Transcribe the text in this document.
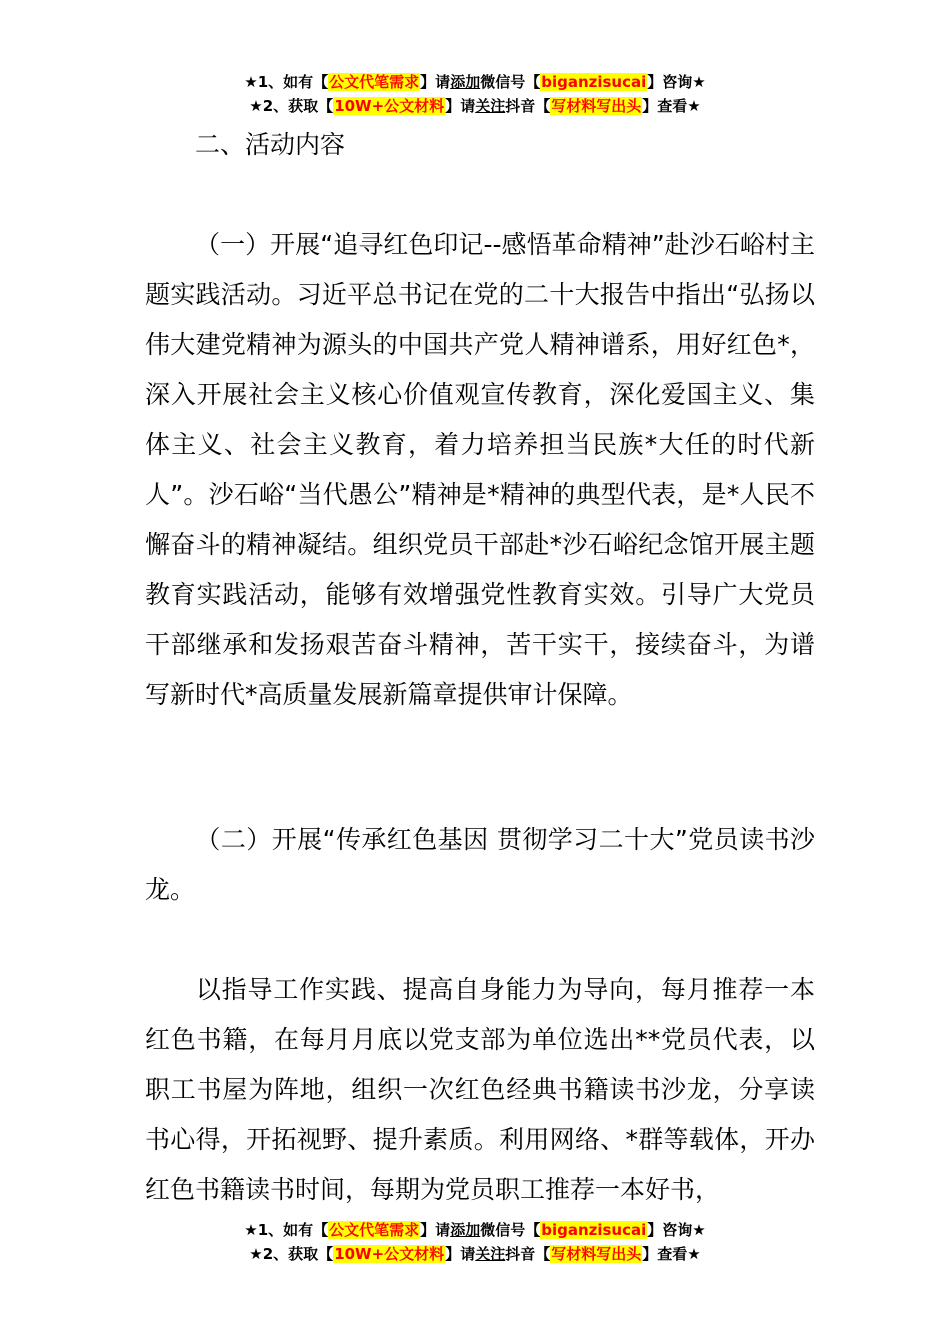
★1、如有【公文代笔需求】请添加微信号【biganzisucai】咨询★
★2、获取【10W+公文材料】请关注抖音【写材料写出头】查看★
二、活动内容
（一）开展“追寻红色印记--感悟革命精神”赴沙石峪村主题实践活动。习近平总书记在党的二十大报告中指出“弘扬以伟大建党精神为源头的中国共产党人精神谱系，用好红色*，深入开展社会主义核心价值观宣传教育，深化爱国主义、集体主义、社会主义教育，着力培养担当民族*大任的时代新人”。沙石峪“当代愚公”精神是*精神的典型代表，是*人民不懈奋斗的精神凝结。组织党员干部赴*沙石峪纪念馆开展主题教育实践活动，能够有效增强党性教育实效。引导广大党员干部继承和发扬艰苦奋斗精神，苦干实干，接续奋斗，为谱写新时代*高质量发展新篇章提供审计保障。
（二）开展“传承红色基因 贯彻学习二十大”党员读书沙龙。
以指导工作实践、提高自身能力为导向，每月推荐一本红色书籍，在每月月底以党支部为单位选出**党员代表，以职工书屋为阵地，组织一次红色经典书籍读书沙龙，分享读书心得，开拓视野、提升素质。利用网络、*群等载体，开办红色书籍读书时间，每期为党员职工推荐一本好书，
★1、如有【公文代笔需求】请添加微信号【biganzisucai】咨询★
★2、获取【10W+公文材料】请关注抖音【写材料写出头】查看★
